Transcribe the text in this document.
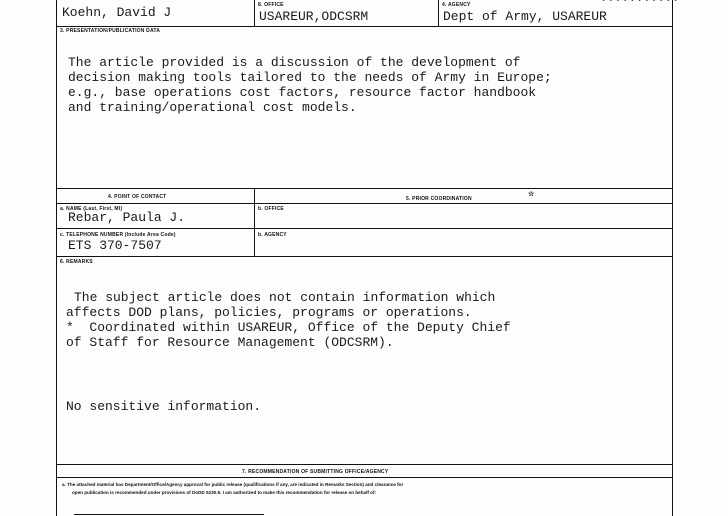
Koehn, David J	8. OFFICE
USAREUR,ODCSRM
4. AGENCY
Dept of Army, USAREUR
3. PRESENTATION/PUBLICATION DATA
The article provided is a discussion of the development of
decision making tools tailored to the needs of Army in Europe;
e.g., base operations cost factors, resource factor handbook
and training/operational cost models.
4. POINT OF CONTACT	5. PRIOR COORDINATION
☆
a. NAME (Last, First, MI)
Rebar, Paula J.
b. OFFICE
c. TELEPHONE NUMBER (Include Area Code)
ETS 370-7507
b. AGENCY
6. REMARKS
The subject article does not contain information which
affects DOD plans, policies, programs or operations.
*  Coordinated within USAREUR, Office of the Deputy Chief
of Staff for Resource Management (ODCSRM).
No sensitive information.
7. RECOMMENDATION OF SUBMITTING OFFICE/AGENCY
a. The attached material has Department/Office/Agency approval for public release (qualifications if any, are indicated in Remarks Section) and clearance for
open publication is recommended under provisions of DoDD 5230.9. I am authorized to make this recommendation for release on behalf of:
